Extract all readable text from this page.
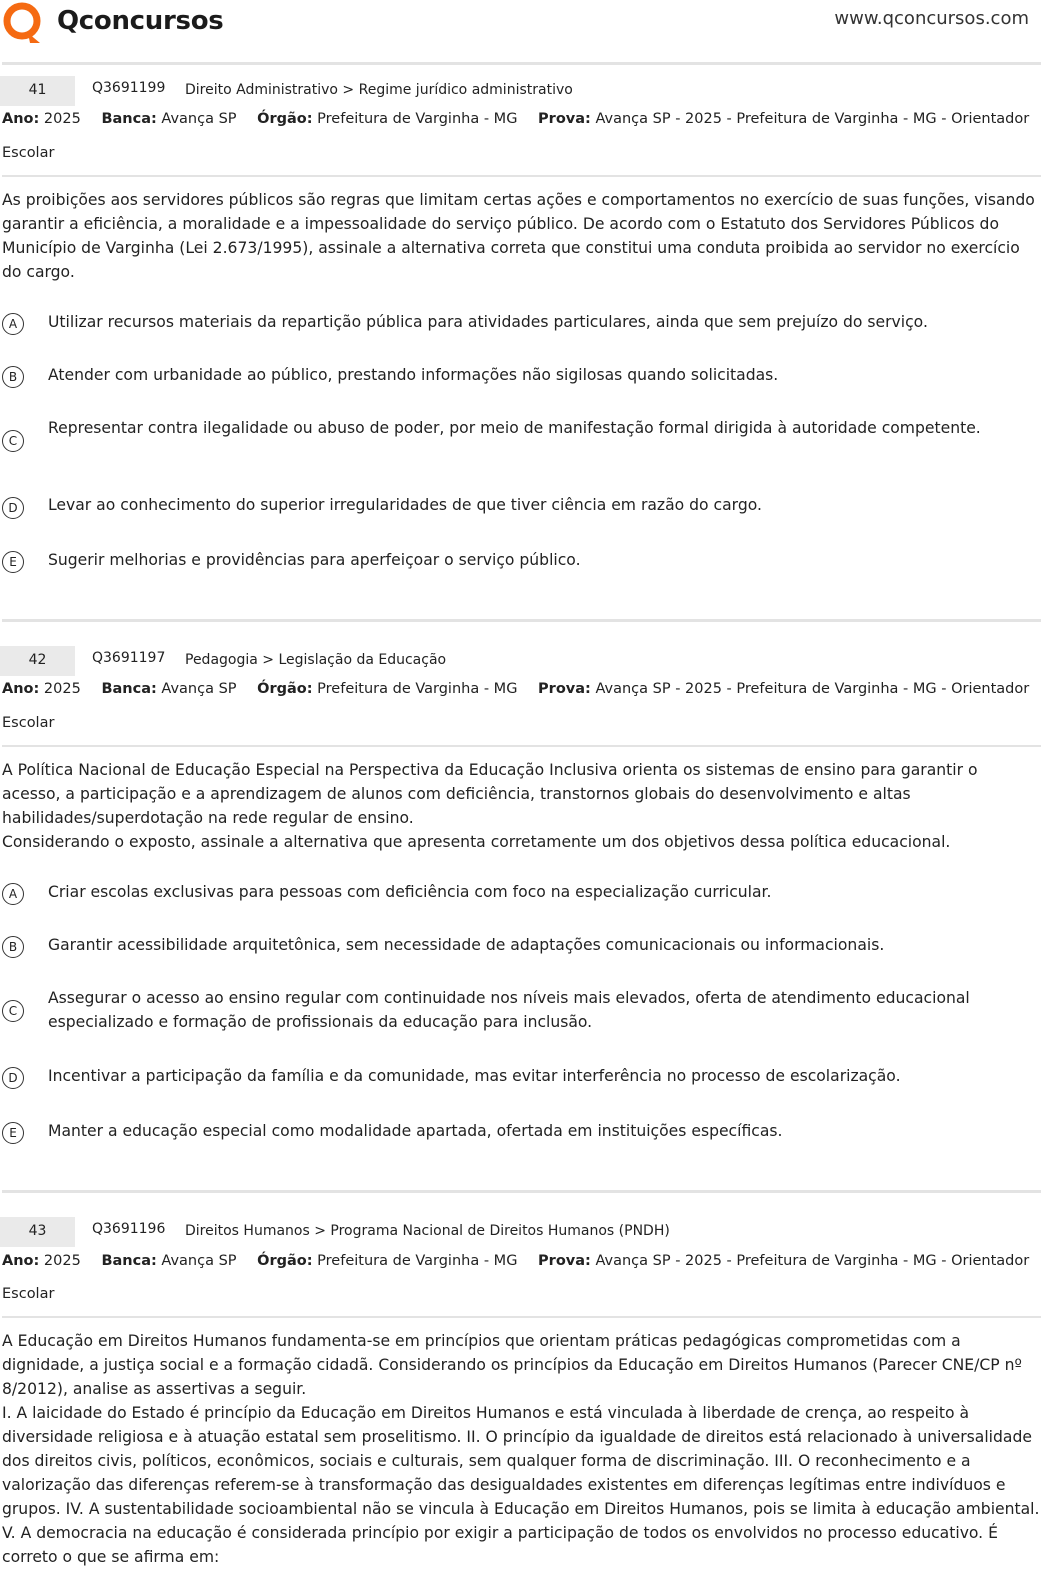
Qconcursos	www.qconcursos.com
41	Q3691199 Direito Administrativo > Regime jurídico administrativo
Ano: 2025 Banca: Avança SP Órgão: Prefeitura de Varginha - MG Prova: Avança SP - 2025 - Prefeitura de Varginha - MG - Orientador
Escolar

As proibições aos servidores públicos são regras que limitam certas ações e comportamentos no exercício de suas funções, visando garantir a eficiência, a moralidade e a impessoalidade do serviço público. De acordo com o Estatuto dos Servidores Públicos do Município de Varginha (Lei 2.673/1995), assinale a alternativa correta que constitui uma conduta proibida ao servidor no exercício do cargo.

A	Utilizar recursos materiais da repartição pública para atividades particulares, ainda que sem prejuízo do serviço.
B	Atender com urbanidade ao público, prestando informações não sigilosas quando solicitadas.
C
Representar contra ilegalidade ou abuso de poder, por meio de manifestação formal dirigida à autoridade competente.
D	Levar ao conhecimento do superior irregularidades de que tiver ciência em razão do cargo.
E	Sugerir melhorias e providências para aperfeiçoar o serviço público.
42	Q3691197 Pedagogia > Legislação da Educação
Ano: 2025 Banca: Avança SP Órgão: Prefeitura de Varginha - MG Prova: Avança SP - 2025 - Prefeitura de Varginha - MG - Orientador
Escolar

A Política Nacional de Educação Especial na Perspectiva da Educação Inclusiva orienta os sistemas de ensino para garantir o acesso, a participação e a aprendizagem de alunos com deficiência, transtornos globais do desenvolvimento e altas habilidades/superdotação na rede regular de ensino.

Considerando o exposto, assinale a alternativa que apresenta corretamente um dos objetivos dessa política educacional.

A	Criar escolas exclusivas para pessoas com deficiência com foco na especialização curricular.
B	Garantir acessibilidade arquitetônica, sem necessidade de adaptações comunicacionais ou informacionais.
C
Assegurar o acesso ao ensino regular com continuidade nos níveis mais elevados, oferta de atendimento educacional especializado e formação de profissionais da educação para inclusão.
D	Incentivar a participação da família e da comunidade, mas evitar interferência no processo de escolarização.
E	Manter a educação especial como modalidade apartada, ofertada em instituições específicas.
43	Q3691196 Direitos Humanos > Programa Nacional de Direitos Humanos (PNDH)
Ano: 2025 Banca: Avança SP Órgão: Prefeitura de Varginha - MG Prova: Avança SP - 2025 - Prefeitura de Varginha - MG - Orientador
Escolar

A Educação em Direitos Humanos fundamenta-se em princípios que orientam práticas pedagógicas comprometidas com a dignidade, a justiça social e a formação cidadã. Considerando os princípios da Educação em Direitos Humanos (Parecer CNE/CP nº 8/2012), analise as assertivas a seguir.

I. A laicidade do Estado é princípio da Educação em Direitos Humanos e está vinculada à liberdade de crença, ao respeito à diversidade religiosa e à atuação estatal sem proselitismo. II. O princípio da igualdade de direitos está relacionado à universalidade dos direitos civis, políticos, econômicos, sociais e culturais, sem qualquer forma de discriminação. III. O reconhecimento e a valorização das diferenças referem-se à transformação das desigualdades existentes em diferenças legítimas entre indivíduos e grupos. IV. A sustentabilidade socioambiental não se vincula à Educação em Direitos Humanos, pois se limita à educação ambiental. V. A democracia na educação é considerada princípio por exigir a participação de todos os envolvidos no processo educativo. É correto o que se afirma em:
